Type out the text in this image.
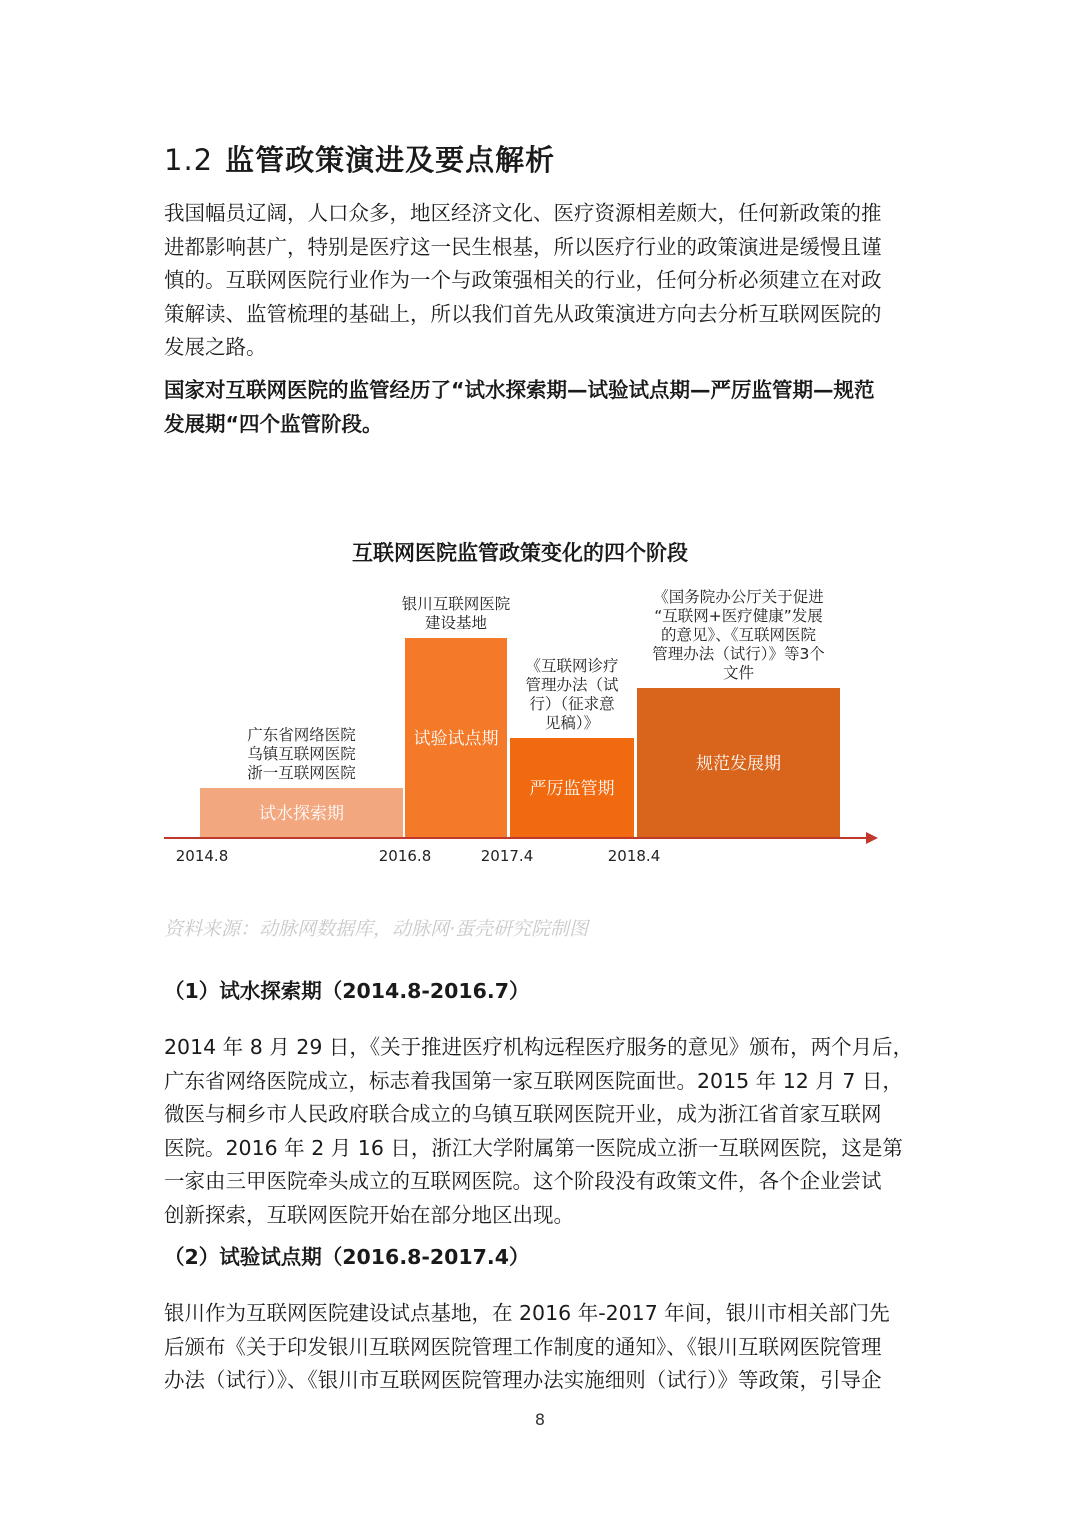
1.2 监管政策演进及要点解析
我国幅员辽阔，人口众多，地区经济文化、医疗资源相差颇大，任何新政策的推
进都影响甚广，特别是医疗这一民生根基，所以医疗行业的政策演进是缓慢且谨
慎的。互联网医院行业作为一个与政策强相关的行业，任何分析必须建立在对政
策解读、监管梳理的基础上，所以我们首先从政策演进方向去分析互联网医院的
发展之路。
国家对互联网医院的监管经历了“试水探索期—试验试点期—严厉监管期—规范
发展期“四个监管阶段。
互联网医院监管政策变化的四个阶段
试水探索期
试验试点期
严厉监管期
规范发展期
广东省网络医院
乌镇互联网医院
浙一互联网医院
银川互联网医院
建设基地
《互联网诊疗
管理办法（试
行）（征求意
见稿）》
《国务院办公厅关于促进
“互联网+医疗健康”发展
的意见》、《互联网医院
管理办法（试行）》等3个
文件
2014.8	2016.8	2017.4	2018.4
资料来源：动脉网数据库，动脉网·蛋壳研究院制图
（1）试水探索期（2014.8-2016.7）
2014 年 8 月 29 日，《关于推进医疗机构远程医疗服务的意见》颁布，两个月后，
广东省网络医院成立，标志着我国第一家互联网医院面世。2015 年 12 月 7 日，
微医与桐乡市人民政府联合成立的乌镇互联网医院开业，成为浙江省首家互联网
医院。2016 年 2 月 16 日，浙江大学附属第一医院成立浙一互联网医院，这是第
一家由三甲医院牵头成立的互联网医院。这个阶段没有政策文件，各个企业尝试
创新探索，互联网医院开始在部分地区出现。
（2）试验试点期（2016.8-2017.4）
银川作为互联网医院建设试点基地，在 2016 年-2017 年间，银川市相关部门先
后颁布《关于印发银川互联网医院管理工作制度的通知》、《银川互联网医院管理
办法（试行）》、《银川市互联网医院管理办法实施细则（试行）》等政策，引导企
8
